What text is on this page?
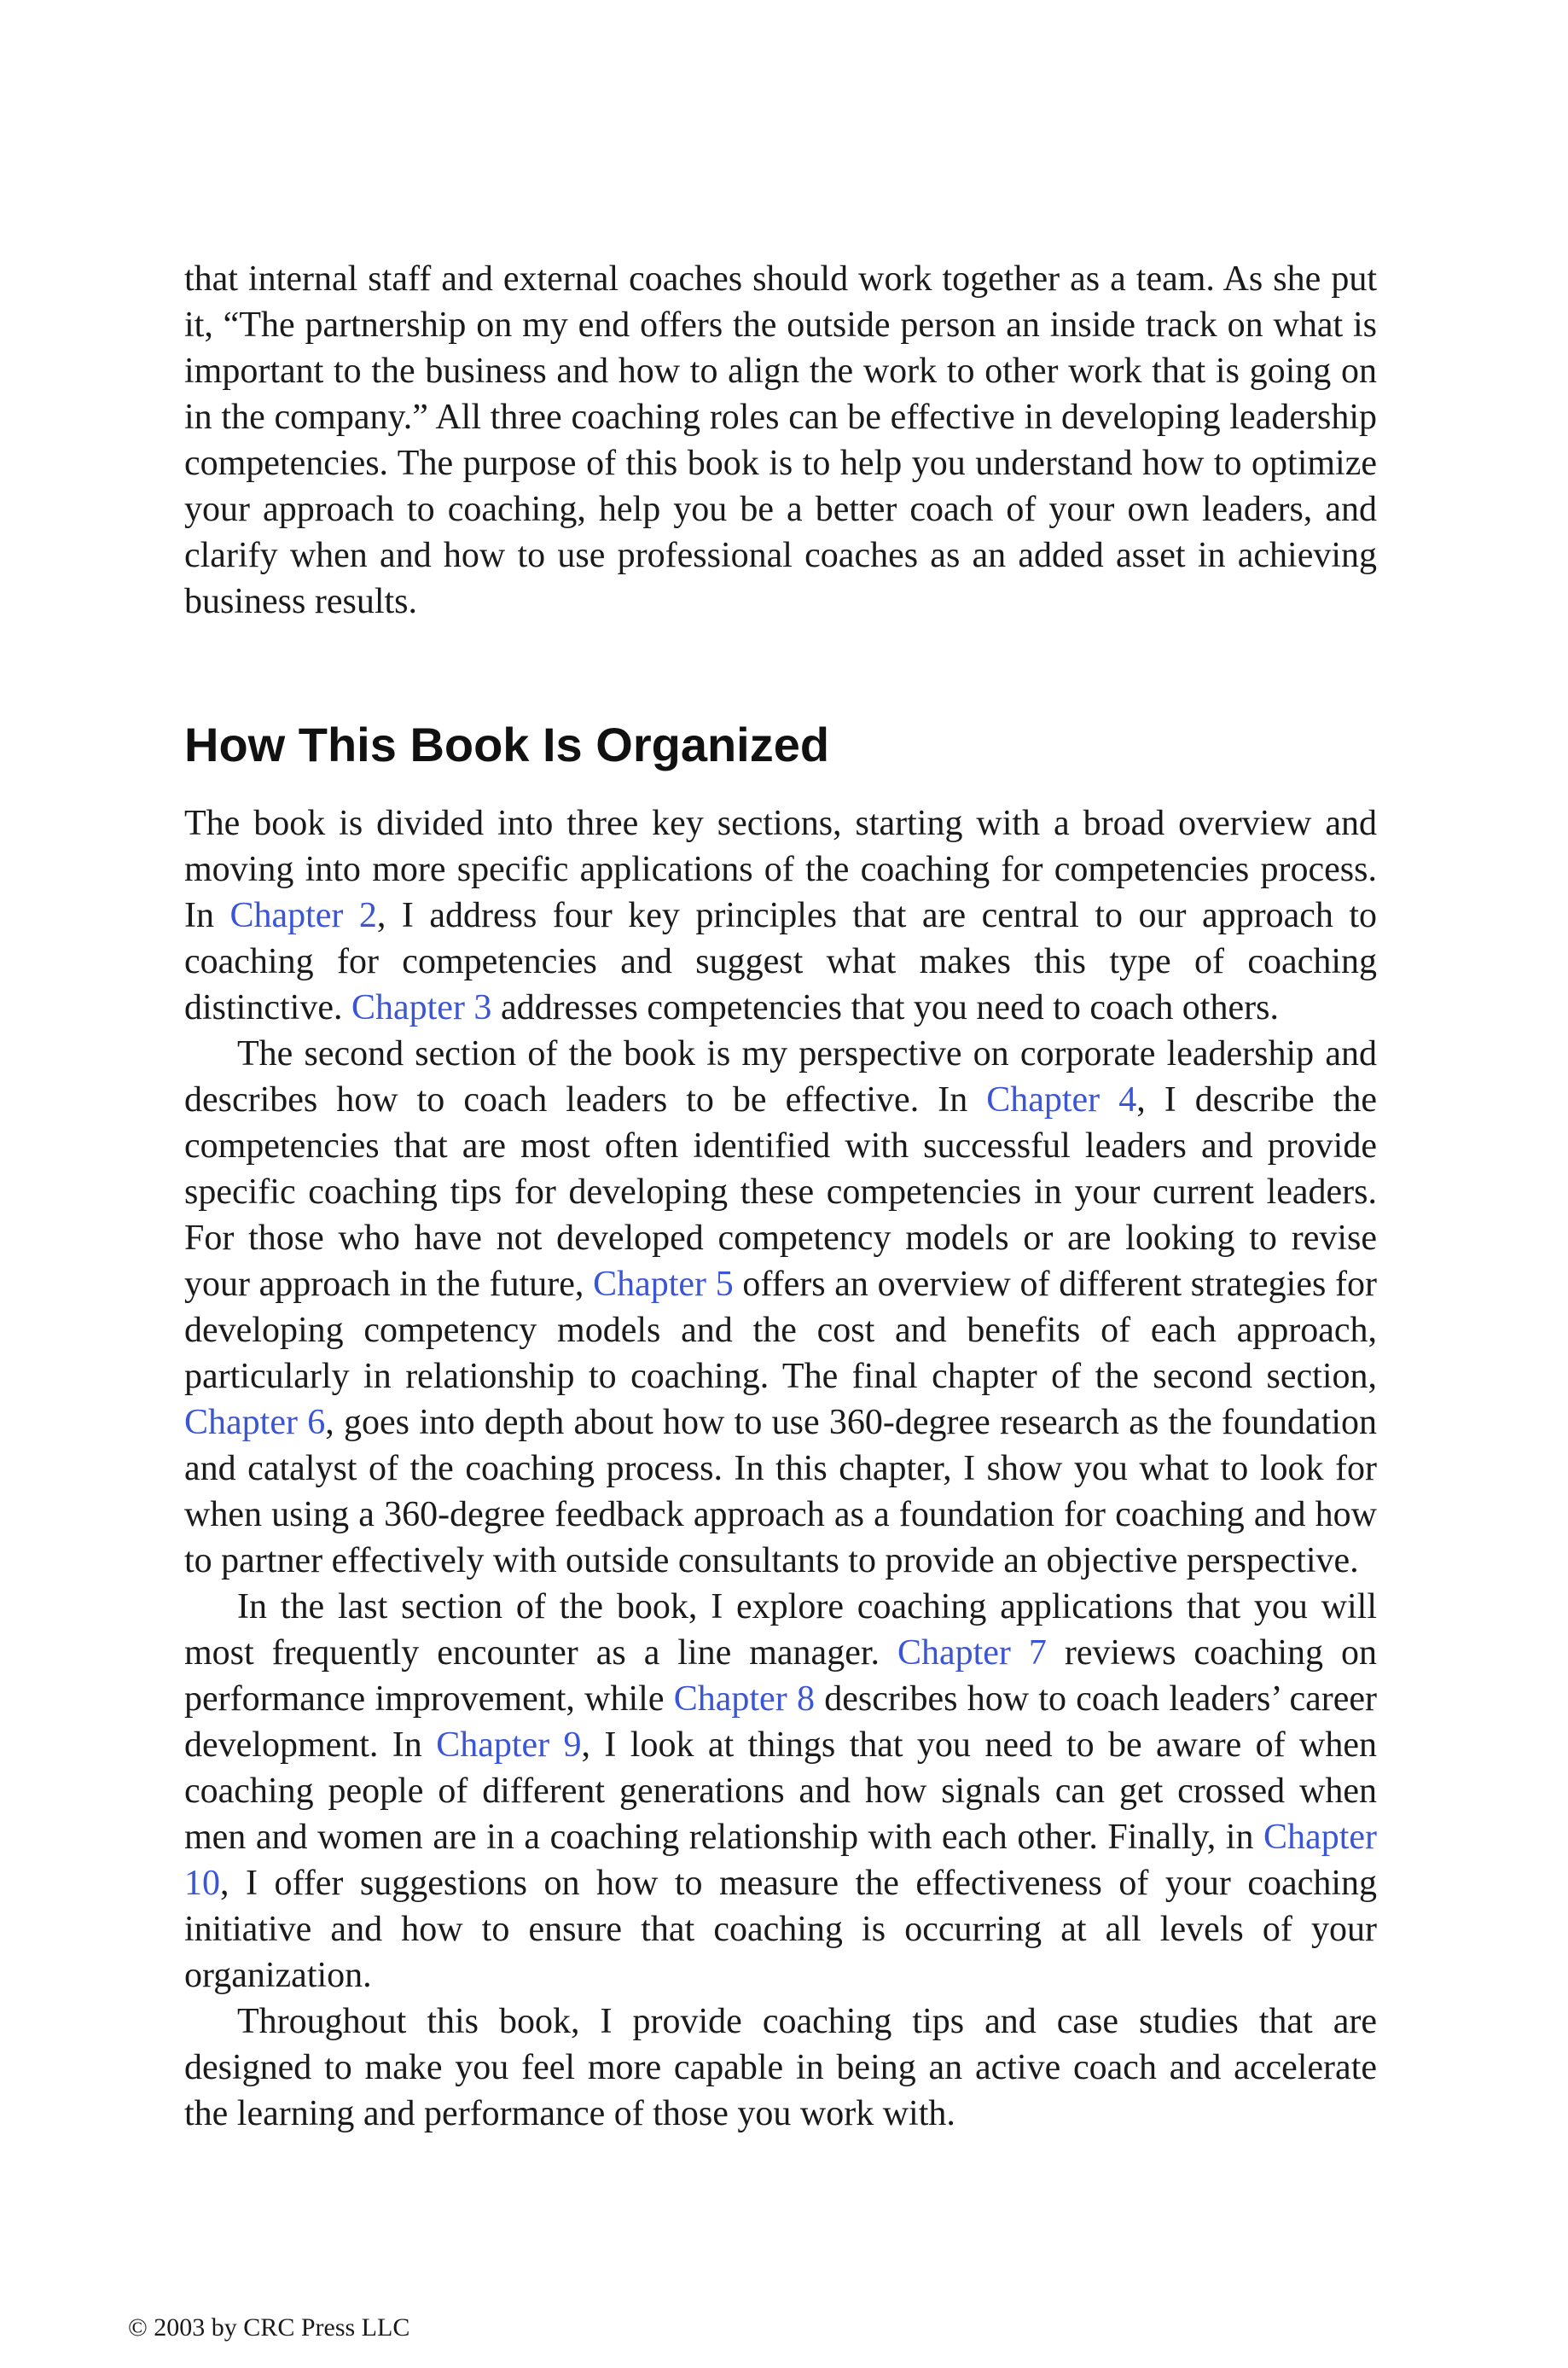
that internal staff and external coaches should work together as a team. As she put it, “The partnership on my end offers the outside person an inside track on what is important to the business and how to align the work to other work that is going on in the company.” All three coaching roles can be effective in developing leadership competencies. The purpose of this book is to help you understand how to optimize your approach to coaching, help you be a better coach of your own leaders, and clarify when and how to use professional coaches as an added asset in achieving business results.

How This Book Is Organized

The book is divided into three key sections, starting with a broad overview and moving into more specific applications of the coaching for competencies process. In Chapter 2, I address four key principles that are central to our approach to coaching for competencies and suggest what makes this type of coaching distinctive. Chapter 3 addresses competencies that you need to coach others.

The second section of the book is my perspective on corporate leadership and describes how to coach leaders to be effective. In Chapter 4, I describe the competencies that are most often identified with successful leaders and provide specific coaching tips for developing these competencies in your current leaders. For those who have not developed competency models or are looking to revise your approach in the future, Chapter 5 offers an overview of different strategies for developing competency models and the cost and benefits of each approach, particularly in relationship to coaching. The final chapter of the second section, Chapter 6, goes into depth about how to use 360-degree research as the foundation and catalyst of the coaching process. In this chapter, I show you what to look for when using a 360-degree feedback approach as a foundation for coaching and how to partner effectively with outside consultants to provide an objective perspective.

In the last section of the book, I explore coaching applications that you will most frequently encounter as a line manager. Chapter 7 reviews coaching on performance improvement, while Chapter 8 describes how to coach leaders’ career development. In Chapter 9, I look at things that you need to be aware of when coaching people of different generations and how signals can get crossed when men and women are in a coaching relationship with each other. Finally, in Chapter 10, I offer suggestions on how to measure the effectiveness of your coaching initiative and how to ensure that coaching is occurring at all levels of your organization.

Throughout this book, I provide coaching tips and case studies that are designed to make you feel more capable in being an active coach and accelerate the learning and performance of those you work with.

© 2003 by CRC Press LLC
